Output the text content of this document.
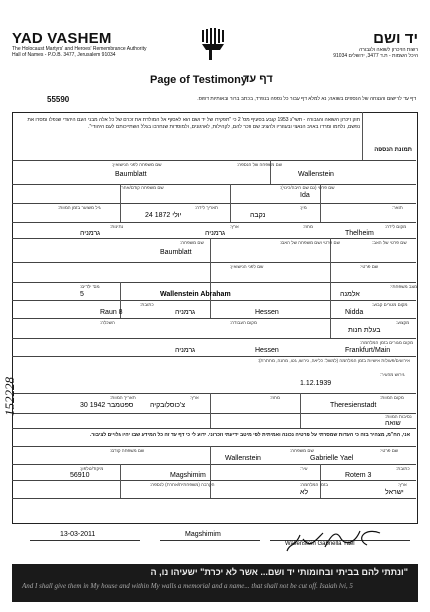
YAD VASHEM
The Holocaust Martyrs' and Heroes' Remembrance Authority
Hall of Names - P.O.B. 3477, Jerusalem 91034
יד ושם
רשות הזיכרון לשואה ולגבורה
היכל השמות - ת.ד 3477, ירושלים 91034
Page of Testimony
דף עד
55590	דף עד לרישום והנצחה של הנספים בשואה; נא למלא דף עבור כל נספה בנפרד, בכתב ברור ובאותיות דפוס.
חוק זיכרון השואה והגבורה - תשי"ג 1953 קובע בסעיף מס' 2 כי "תפקידו של יד ושם הוא לאסוף אל המולדת את זכרם של כל אלה מבני העם היהודי שנפלו ומסרו את נפשם, נלחמו ומרדו באויב הנאצי ובעוזריו ולהציב שם וזכר להם, לקהילות, לארגונים, ולמוסדות שנחרבו בגלל השתייכותם לעם היהודי".
תמונת הנספה
שם משפחה של הנספה:
Wallenstein
שם משפחה לפני הנישואין:
Baumblatt
שם פרטי (גם שם חיבה/כינוי):
Ida
שם משפחה קודם/אחר:
תואר:
מין:
נקבה
תאריך לידה:
24 יולי 1872
גיל משוער בזמן המוות:
מקום לידה:
Thelheim
מחוז:
ארץ:
גרמניה
נתינות:
גרמניה
שם פרטי של האב:
שם פרטי ושם משפחה של האם:
שם משפחה:
Baumblatt
שם פרטי:
שם לפני הנישואין:
מצב משפחתי:
אלמנה
Wallenstein Abraham
מס' ילדים:
5
מקום מגורים קבוע:
Nidda
Hessen
גרמניה
כתובת:
Raun 8
מקצוע:
בעלת חנות
מקום העבודה:
השכלה:
מקום מגורים בזמן המלחמה:
Frankfurt/Main
Hessen
גרמניה
אירועים/פעולות אישיות בזמן המלחמה (למשל: כליאה, גירוש, גטו, מחנה, מחתרת):
גירוש מהעיר:
1.12.1939
מקום המוות:
Theresienstadt
מחוז:
ארץ:
צ'כוסלובקיה
תאריך המוות:
30 ספטמבר 1942
נסיבות המוות:
שואה
אני, הח"מ, מצהיר בזה כי העדות שמסרתי על פרטיה נכונה ואמיתית לפי מיטב ידיעתי וזכרוני. ידוע לי כי דף עד זה כל המידע שבו יהיו גלויים לציבור.
שם פרטי:
Gabrielle Yael
שם משפחה:
Wallenstein
שם משפחה קודם:
כתובת:
Rotem 3
עיר:
Magshimim
מיקוד/טלפון:
56910
ארץ:
ישראל
בזמן המלחמה:
לא
הקרבה (משפחתית/אחרת) לנספה:
13-03-2011	Magshimim
Wallenstein Gabriella Yael
"ונתתי להם בביתי ובחומותי יד ושם... אשר לא יכרת" ישעיהו נו, ה
And I shall give them in My house and within My walls a memorial and a name... that shall not be cut off. Isaiah lvi, 5
152228
